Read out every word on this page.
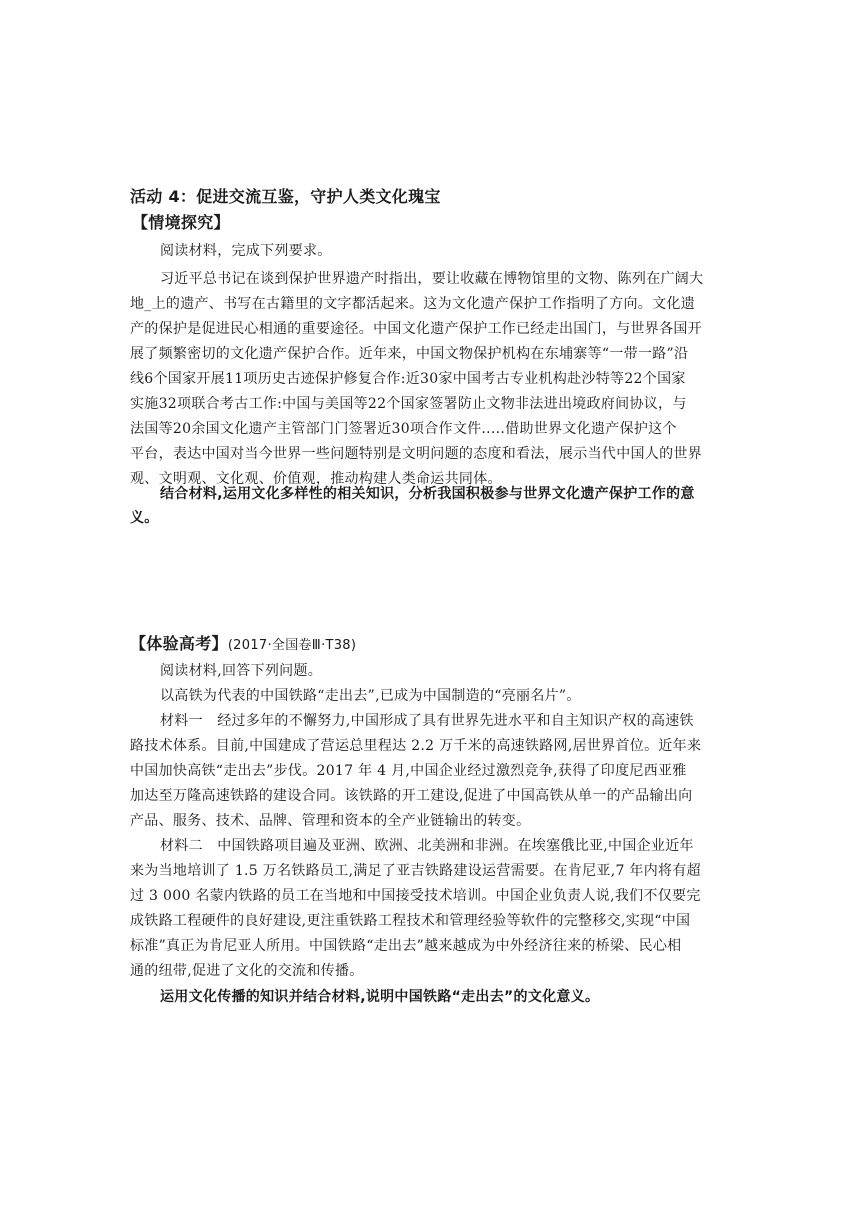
活动 4：促进交流互鉴，守护人类文化瑰宝
【情境探究】
阅读材料，完成下列要求。
习近平总书记在谈到保护世界遗产时指出，要让收藏在博物馆里的文物、陈列在广阔大
地_上的遗产、书写在古籍里的文字都活起来。这为文化遗产保护工作指明了方向。文化遗
产的保护是促进民心相通的重要途径。中国文化遗产保护工作已经走出国门，与世界各国开
展了频繁密切的文化遗产保护合作。近年来，中国文物保护机构在东埔寨等“一带一路”沿
线6个国家开展11项历史古迹保护修复合作:近30家中国考古专业机构赴沙特等22个国家
实施32项联合考古工作:中国与美国等22个国家签署防止文物非法进出境政府间协议，与
法国等20余国文化遗产主管部门门签署近30项合作文件.....借助世界文化遗产保护这个
平台，表达中国对当今世界一些问题特别是文明问题的态度和看法，展示当代中国人的世界
观、文明观、文化观、价值观，推动构建人类命运共同体。
结合材料,运用文化多样性的相关知识，分析我国积极参与世界文化遗产保护工作的意
义。
【体验高考】(2017·全国卷Ⅲ·T38)
阅读材料,回答下列问题。
以高铁为代表的中国铁路“走出去”,已成为中国制造的“亮丽名片”。
材料一　经过多年的不懈努力,中国形成了具有世界先进水平和自主知识产权的高速铁
路技术体系。目前,中国建成了营运总里程达 2.2 万千米的高速铁路网,居世界首位。近年来
中国加快高铁“走出去”步伐。2017 年 4 月,中国企业经过激烈竞争,获得了印度尼西亚雅
加达至万隆高速铁路的建设合同。该铁路的开工建设,促进了中国高铁从单一的产品输出向
产品、服务、技术、品牌、管理和资本的全产业链输出的转变。
材料二　中国铁路项目遍及亚洲、欧洲、北美洲和非洲。在埃塞俄比亚,中国企业近年
来为当地培训了 1.5 万名铁路员工,满足了亚吉铁路建设运营需要。在肯尼亚,7 年内将有超
过 3 000 名蒙内铁路的员工在当地和中国接受技术培训。中国企业负责人说,我们不仅要完
成铁路工程硬件的良好建设,更注重铁路工程技术和管理经验等软件的完整移交,实现“中国
标准”真正为肯尼亚人所用。中国铁路“走出去”越来越成为中外经济往来的桥梁、民心相
通的纽带,促进了文化的交流和传播。
运用文化传播的知识并结合材料,说明中国铁路“走出去”的文化意义。
